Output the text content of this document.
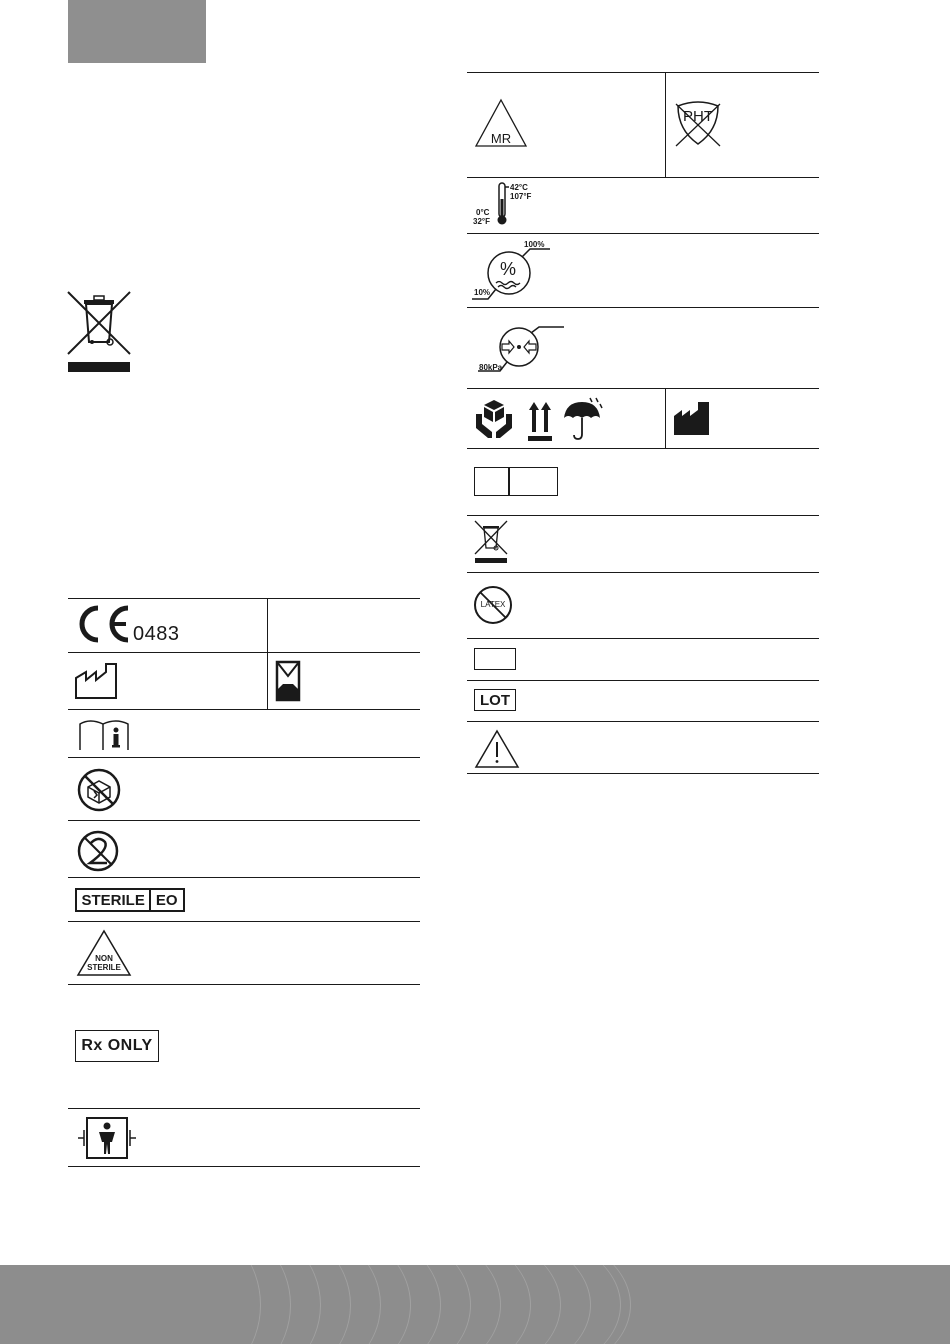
0483
STERILE EO
NON
STERILE
Rx ONLY
MR
PHT
42°C
107°F
0°C
32°F
%
100%
10%
80kPa
LATEX
LOT
